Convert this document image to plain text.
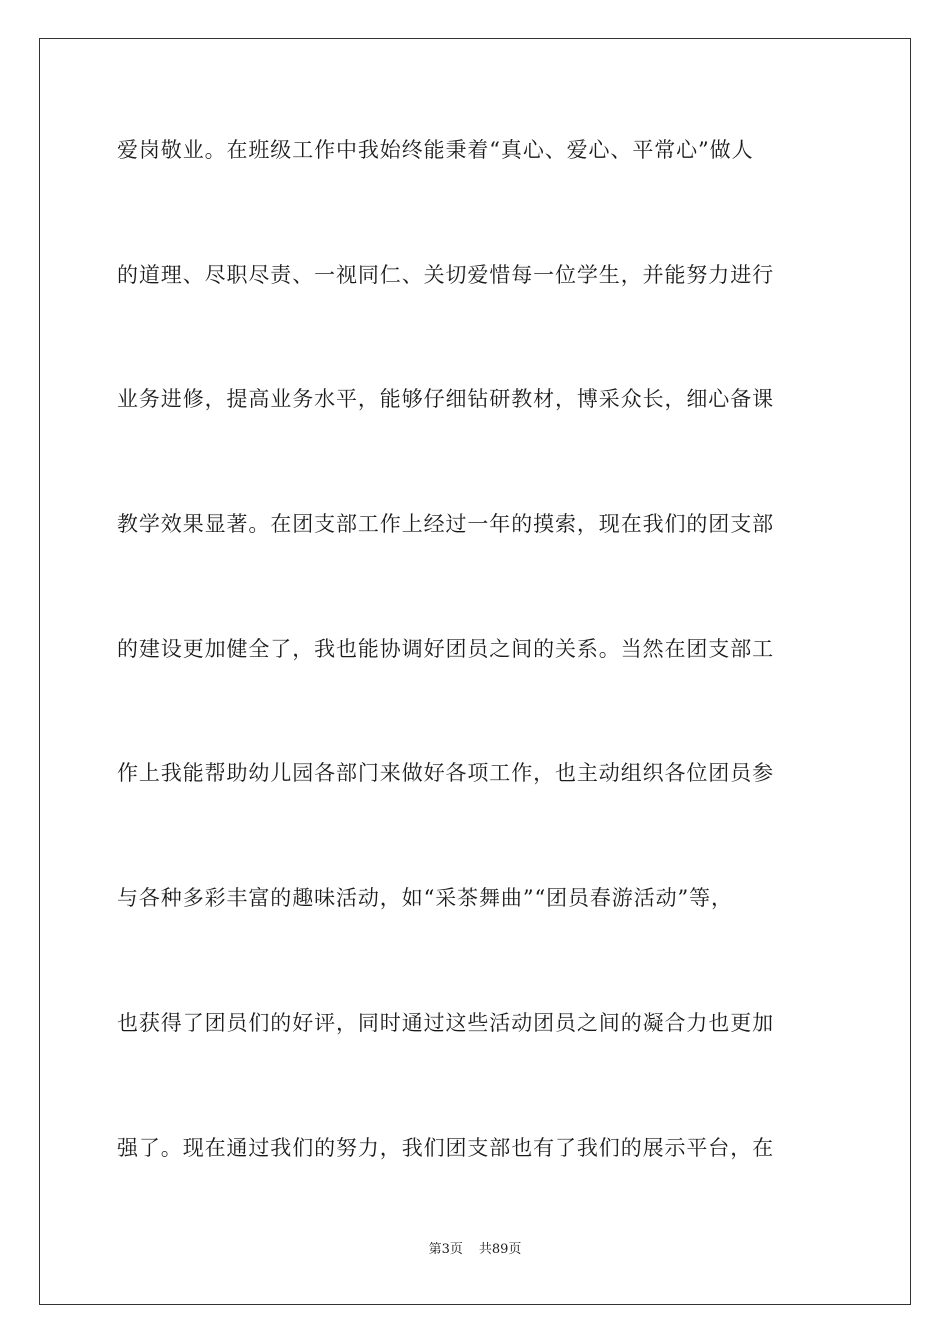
爱岗敬业。在班级工作中我始终能秉着“真心、爱心、平常心”做人
的道理、尽职尽责、一视同仁、关切爱惜每一位学生，并能努力进行
业务进修，提高业务水平，能够仔细钻研教材，博采众长，细心备课
教学效果显著。在团支部工作上经过一年的摸索，现在我们的团支部
的建设更加健全了，我也能协调好团员之间的关系。当然在团支部工
作上我能帮助幼儿园各部门来做好各项工作，也主动组织各位团员参
与各种多彩丰富的趣味活动，如“采茶舞曲”“团员春游活动”等，
也获得了团员们的好评，同时通过这些活动团员之间的凝合力也更加
强了。现在通过我们的努力，我们团支部也有了我们的展示平台，在
第3页 共89页
